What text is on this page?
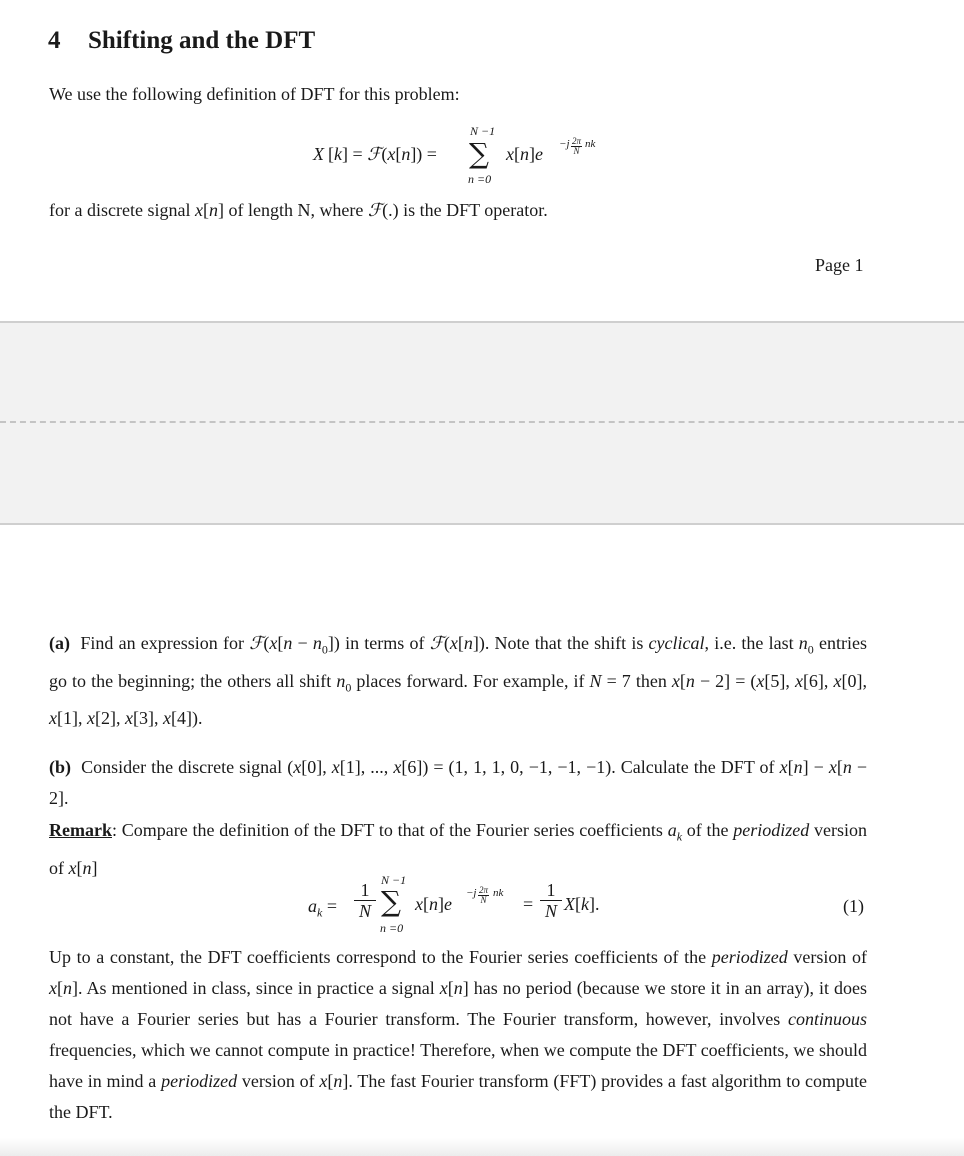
4 Shifting and the DFT
We use the following definition of DFT for this problem:
X [k] = ℱ(x[n]) =
N −1
∑
n =0
$x[n]e -j \frac{2\pi}{N}$ nk
for a discrete signal x[n] of length N, where ℱ(.) is the DFT operator.
Page 1
(a) Find an expression for ℱ(x[n − $n_0$]) in terms of ℱ(x[n]). Note that the shift is cyclical, i.e. the last $n_0$ entries go to the beginning; the others all shift $n_0$ places forward. For example, if N = 7 then x[n − 2] = (x[5], x[6], x[0], x[1], x[2], x[3], x[4]).
(b) Consider the discrete signal (x[0], x[1], ..., x[6]) = (1, 1, 1, 0, −1, −1, −1). Calculate the DFT of x[n] − x[n − 2].
Remark: Compare the definition of the DFT to that of the Fourier series coefficients $a_k$ of the periodized version of x[n]
$a_k = \frac{1}{N}$ N −1
∑
n =0
x[n]e
$-j \frac{2\pi}{N}$ nk
= $\frac{1}{N} X[k]$.	(1)
Up to a constant, the DFT coefficients correspond to the Fourier series coefficients of the periodized version of x[n]. As mentioned in class, since in practice a signal x[n] has no period (because we store it in an array), it does not have a Fourier series but has a Fourier transform. The Fourier transform, however, involves continuous frequencies, which we cannot compute in practice! Therefore, when we compute the DFT coefficients, we should have in mind a periodized version of x[n]. The fast Fourier transform (FFT) provides a fast algorithm to compute the DFT.
